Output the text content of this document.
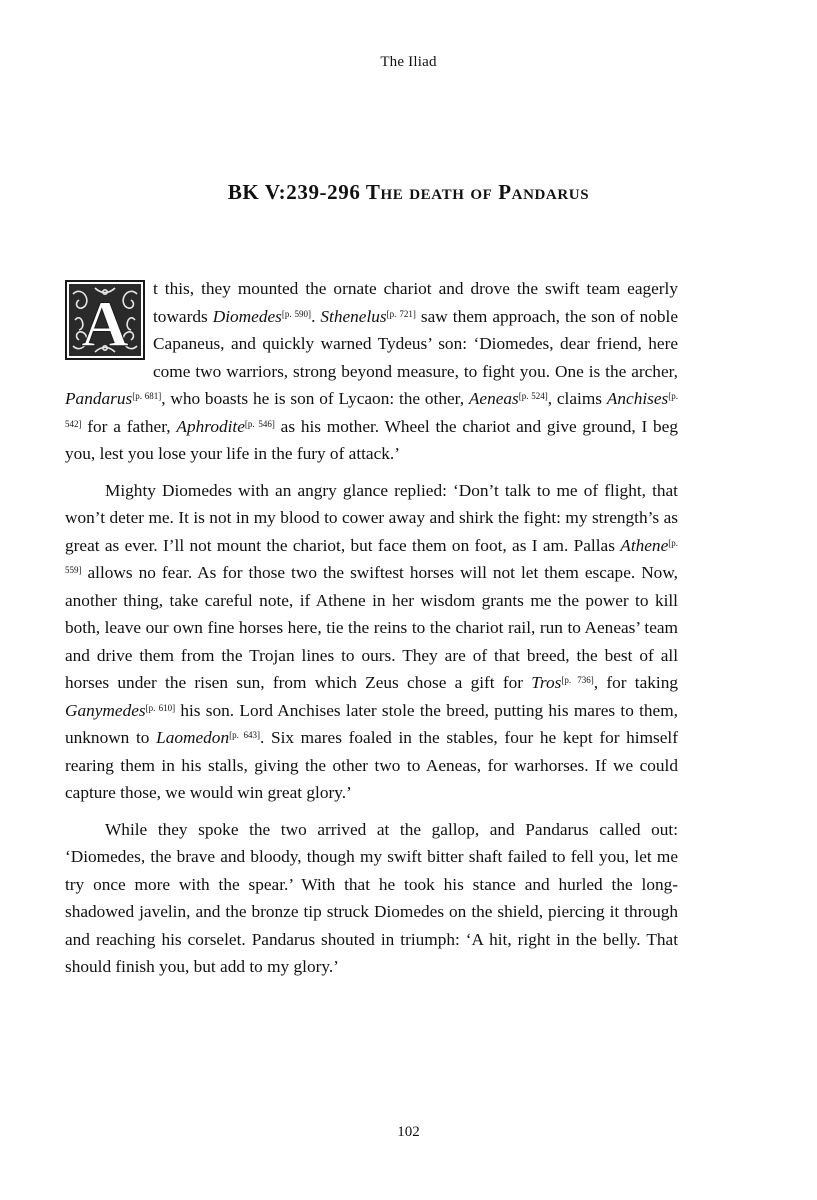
The Iliad
BK V:239-296 The death of Pandarus

A t this, they mounted the ornate chariot and drove the swift team eagerly towards Diomedes[p. 590]. Sthenelus[p. 721] saw them approach, the son of noble Capaneus, and quickly warned Tydeus’ son: ‘Diomedes, dear friend, here come two warriors, strong beyond measure, to fight you. One is the archer, Pandarus[p. 681], who boasts he is son of Lycaon: the other, Aeneas[p. 524], claims Anchises[p. 542] for a father, Aphrodite[p. 546] as his mother. Wheel the chariot and give ground, I beg you, lest you lose your life in the fury of attack.’

Mighty Diomedes with an angry glance replied: ‘Don’t talk to me of flight, that won’t deter me. It is not in my blood to cower away and shirk the fight: my strength’s as great as ever. I’ll not mount the chariot, but face them on foot, as I am. Pallas Athene[p. 559] allows no fear. As for those two the swiftest horses will not let them escape. Now, another thing, take careful note, if Athene in her wisdom grants me the power to kill both, leave our own fine horses here, tie the reins to the chariot rail, run to Aeneas’ team and drive them from the Trojan lines to ours. They are of that breed, the best of all horses under the risen sun, from which Zeus chose a gift for Tros[p. 736], for taking Ganymedes[p. 610] his son. Lord Anchises later stole the breed, putting his mares to them, unknown to Laomedon[p. 643]. Six mares foaled in the stables, four he kept for himself rearing them in his stalls, giving the other two to Aeneas, for warhorses. If we could capture those, we would win great glory.’

While they spoke the two arrived at the gallop, and Pandarus called out: ‘Diomedes, the brave and bloody, though my swift bitter shaft failed to fell you, let me try once more with the spear.’ With that he took his stance and hurled the long-shadowed javelin, and the bronze tip struck Diomedes on the shield, piercing it through and reaching his corselet. Pandarus shouted in triumph: ‘A hit, right in the belly. That should finish you, but add to my glory.’

102
